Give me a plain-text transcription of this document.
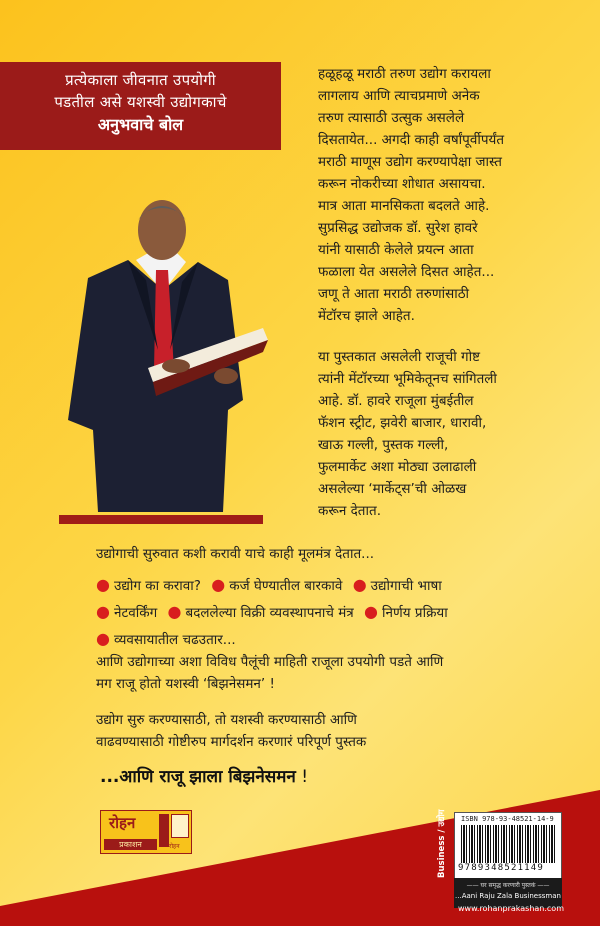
प्रत्येकाला जीवनात उपयोगी
पडतील असे यशस्वी उद्योगकाचे
अनुभवाचे बोल
हळूहळू मराठी तरुण उद्योग करायला
लागलाय आणि त्याचप्रमाणे अनेक
तरुण त्यासाठी उत्सुक असलेले
दिसतायेत... अगदी काही वर्षांपूर्वीपर्यंत
मराठी माणूस उद्योग करण्यापेक्षा जास्त
करून नोकरीच्या शोधात असायचा.
मात्र आता मानसिकता बदलते आहे.
सुप्रसिद्ध उद्योजक डॉ. सुरेश हावरे
यांनी यासाठी केलेले प्रयत्न आता
फळाला येत असलेले दिसत आहेत...
जणू ते आता मराठी तरुणांसाठी
मेंटॉरच झाले आहेत.
या पुस्तकात असलेली राजूची गोष्ट
त्यांनी मेंटॉरच्या भूमिकेतूनच सांगितली
आहे. डॉ. हावरे राजूला मुंबईतील
फॅशन स्ट्रीट, झवेरी बाजार, धारावी,
खाऊ गल्ली, पुस्तक गल्ली,
फुलमार्केट अशा मोठ्या उलाढाली
असलेल्या ‘मार्केट्स’ची ओळख
करून देतात.
उद्योगाची सुरुवात कशी करावी याचे काही मूलमंत्र देतात...
● उद्योग का करावा? ● कर्ज घेण्यातील बारकावे ● उद्योगाची भाषा
● नेटवर्किंग ● बदललेल्या विक्री व्यवस्थापनाचे मंत्र ● निर्णय प्रक्रिया
● व्यवसायातील चढउतार...
आणि उद्योगाच्या अशा विविध पैलूंची माहिती राजूला उपयोगी पडते आणि
मग राजू होतो यशस्वी ‘बिझनेसमन’ !
उद्योग सुरु करण्यासाठी, तो यशस्वी करण्यासाठी आणि
वाढवण्यासाठी गोष्टीरुप मार्गदर्शन करणारं परिपूर्ण पुस्तक
...आणि राजू झाला बिझनेसमन !
रोहन
प्रकाशन	रोहन	Business / उद्योग ISBN 978-93-48521-14-9
9789348521149
—— घर समृद्ध करणारी पुस्तकं ——
...Aani Raju Zala Businessman
www.rohanprakashan.com
